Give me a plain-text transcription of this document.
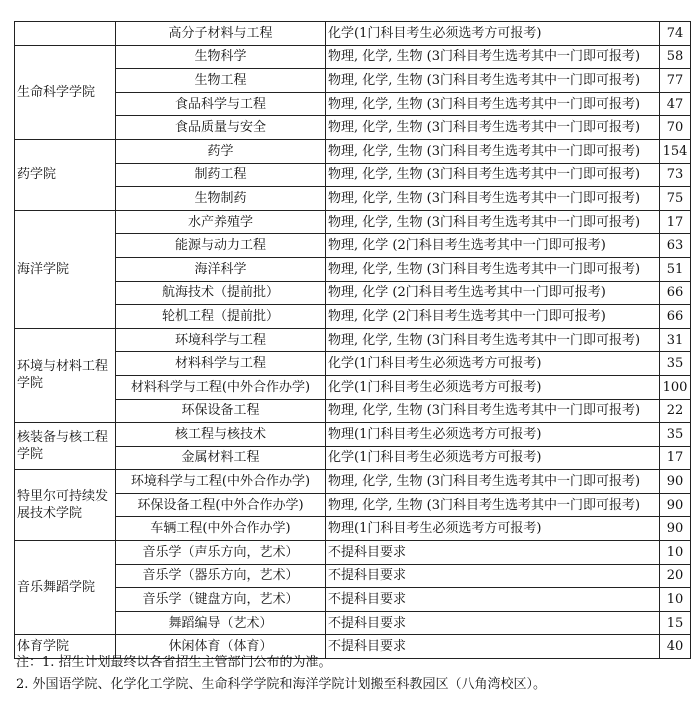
	高分子材料与工程	化学(1门科目考生必须选考方可报考)	74
生命科学学院	生物科学	物理, 化学, 生物 (3门科目考生选考其中一门即可报考)	58
	生物工程	物理, 化学, 生物 (3门科目考生选考其中一门即可报考)	77
	食品科学与工程	物理, 化学, 生物 (3门科目考生选考其中一门即可报考)	47
	食品质量与安全	物理, 化学, 生物 (3门科目考生选考其中一门即可报考)	70
药学院	药学	物理, 化学, 生物 (3门科目考生选考其中一门即可报考)	154
	制药工程	物理, 化学, 生物 (3门科目考生选考其中一门即可报考)	73
	生物制药	物理, 化学, 生物 (3门科目考生选考其中一门即可报考)	75
海洋学院	水产养殖学	物理, 化学, 生物 (3门科目考生选考其中一门即可报考)	17
	能源与动力工程	物理, 化学 (2门科目考生选考其中一门即可报考)	63
	海洋科学	物理, 化学, 生物 (3门科目考生选考其中一门即可报考)	51
	航海技术（提前批）	物理, 化学 (2门科目考生选考其中一门即可报考)	66
	轮机工程（提前批）	物理, 化学 (2门科目考生选考其中一门即可报考)	66
环境与材料工程学院	环境科学与工程	物理, 化学, 生物 (3门科目考生选考其中一门即可报考)	31
	材料科学与工程	化学(1门科目考生必须选考方可报考)	35
	材料科学与工程(中外合作办学)	化学(1门科目考生必须选考方可报考)	100
	环保设备工程	物理, 化学, 生物 (3门科目考生选考其中一门即可报考)	22
核装备与核工程学院	核工程与核技术	物理(1门科目考生必须选考方可报考)	35
	金属材料工程	化学(1门科目考生必须选考方可报考)	17
特里尔可持续发展技术学院	环境科学与工程(中外合作办学)	物理, 化学, 生物 (3门科目考生选考其中一门即可报考)	90
	环保设备工程(中外合作办学)	物理, 化学, 生物 (3门科目考生选考其中一门即可报考)	90
	车辆工程(中外合作办学)	物理(1门科目考生必须选考方可报考)	90
音乐舞蹈学院	音乐学（声乐方向，艺术）	不提科目要求	10
	音乐学（器乐方向，艺术）	不提科目要求	20
	音乐学（键盘方向，艺术）	不提科目要求	10
	舞蹈编导（艺术）	不提科目要求	15
体育学院	休闲体育（体育）	不提科目要求	40
注：1. 招生计划最终以各省招生主管部门公布的为准。
2. 外国语学院、化学化工学院、生命科学学院和海洋学院计划搬至科教园区（八角湾校区）。
